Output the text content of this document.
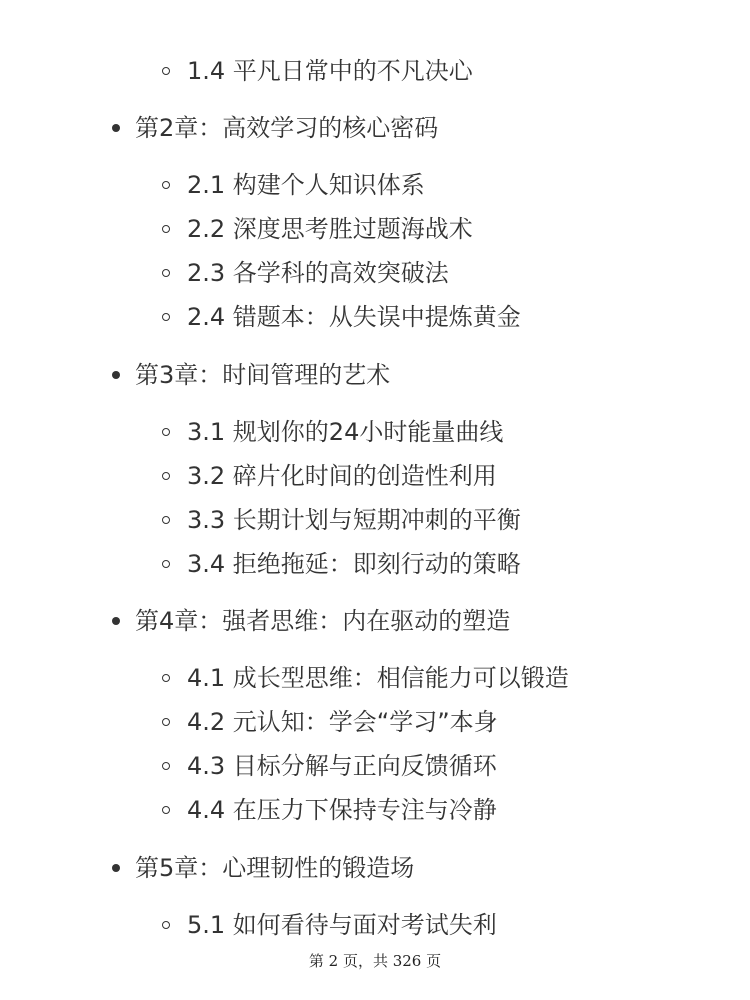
1.4 平凡日常中的不凡决心
第2章：高效学习的核心密码
2.1 构建个人知识体系
2.2 深度思考胜过题海战术
2.3 各学科的高效突破法
2.4 错题本：从失误中提炼黄金
第3章：时间管理的艺术
3.1 规划你的24小时能量曲线
3.2 碎片化时间的创造性利用
3.3 长期计划与短期冲刺的平衡
3.4 拒绝拖延：即刻行动的策略
第4章：强者思维：内在驱动的塑造
4.1 成长型思维：相信能力可以锻造
4.2 元认知：学会“学习”本身
4.3 目标分解与正向反馈循环
4.4 在压力下保持专注与冷静
第5章：心理韧性的锻造场
5.1 如何看待与面对考试失利
第 2 页，共 326 页
